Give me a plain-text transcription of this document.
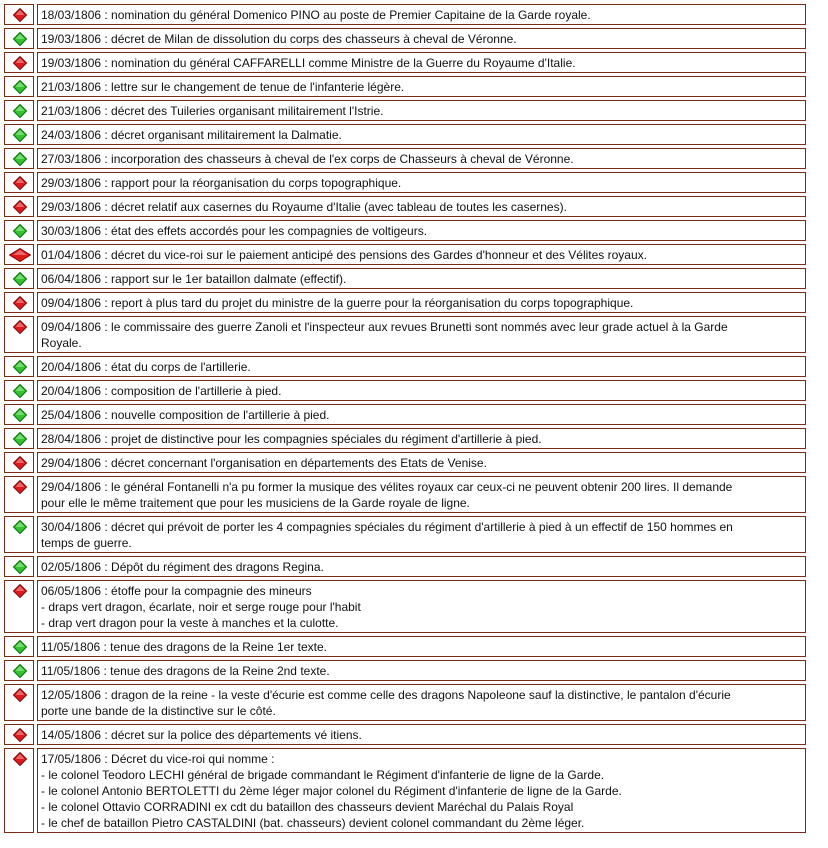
18/03/1806 : nomination du général Domenico PINO au poste de Premier Capitaine de la Garde royale.
19/03/1806 : décret de Milan de dissolution du corps des chasseurs à cheval de Véronne.
19/03/1806 : nomination du général CAFFARELLI comme Ministre de la Guerre du Royaume d'Italie.
21/03/1806 : lettre sur le changement de tenue de l'infanterie légère.
21/03/1806 : décret des Tuileries organisant militairement l'Istrie.
24/03/1806 : décret organisant militairement la Dalmatie.
27/03/1806 : incorporation des chasseurs à cheval de l'ex corps de Chasseurs à cheval de Véronne.
29/03/1806 : rapport pour la réorganisation du corps topographique.
29/03/1806 : décret relatif aux casernes du Royaume d'Italie (avec tableau de toutes les casernes).
30/03/1806 : état des effets accordés pour les compagnies de voltigeurs.
01/04/1806 : décret du vice-roi sur le paiement anticipé des pensions des Gardes d'honneur et des Vélites royaux.
06/04/1806 : rapport sur le 1er bataillon dalmate (effectif).
09/04/1806 : report à plus tard du projet du ministre de la guerre pour la réorganisation du corps topographique.
09/04/1806 : le commissaire des guerre Zanoli et l'inspecteur aux revues Brunetti sont nommés avec leur grade actuel à la Garde
Royale.
20/04/1806 : état du corps de l'artillerie.
20/04/1806 : composition de l'artillerie à pied.
25/04/1806 : nouvelle composition de l'artillerie à pied.
28/04/1806 : projet de distinctive pour les compagnies spéciales du régiment d'artillerie à pied.
29/04/1806 : décret concernant l'organisation en départements des Etats de Venise.
29/04/1806 : le général Fontanelli n'a pu former la musique des vélites royaux car ceux-ci ne peuvent obtenir 200 lires. Il demande
pour elle le même traitement que pour les musiciens de la Garde royale de ligne.
30/04/1806 : décret qui prévoit de porter les 4 compagnies spéciales du régiment d'artillerie à pied à un effectif de 150 hommes en
temps de guerre.
02/05/1806 : Dépôt du régiment des dragons Regina.
06/05/1806 : étoffe pour la compagnie des mineurs
- draps vert dragon, écarlate, noir et serge rouge pour l'habit
- drap vert dragon pour la veste à manches et la culotte.
11/05/1806 : tenue des dragons de la Reine 1er texte.
11/05/1806 : tenue des dragons de la Reine 2nd texte.
12/05/1806 : dragon de la reine - la veste d'écurie est comme celle des dragons Napoleone sauf la distinctive, le pantalon d'écurie
porte une bande de la distinctive sur le côté.
14/05/1806 : décret sur la police des départements vé itiens.
17/05/1806 : Décret du vice-roi qui nomme :
- le colonel Teodoro LECHI général de brigade commandant le Régiment d'infanterie de ligne de la Garde.
- le colonel Antonio BERTOLETTI du 2ème léger major colonel du Régiment d'infanterie de ligne de la Garde.
- le colonel Ottavio CORRADINI ex cdt du bataillon des chasseurs devient Maréchal du Palais Royal
- le chef de bataillon Pietro CASTALDINI (bat. chasseurs) devient colonel commandant du 2ème léger.
